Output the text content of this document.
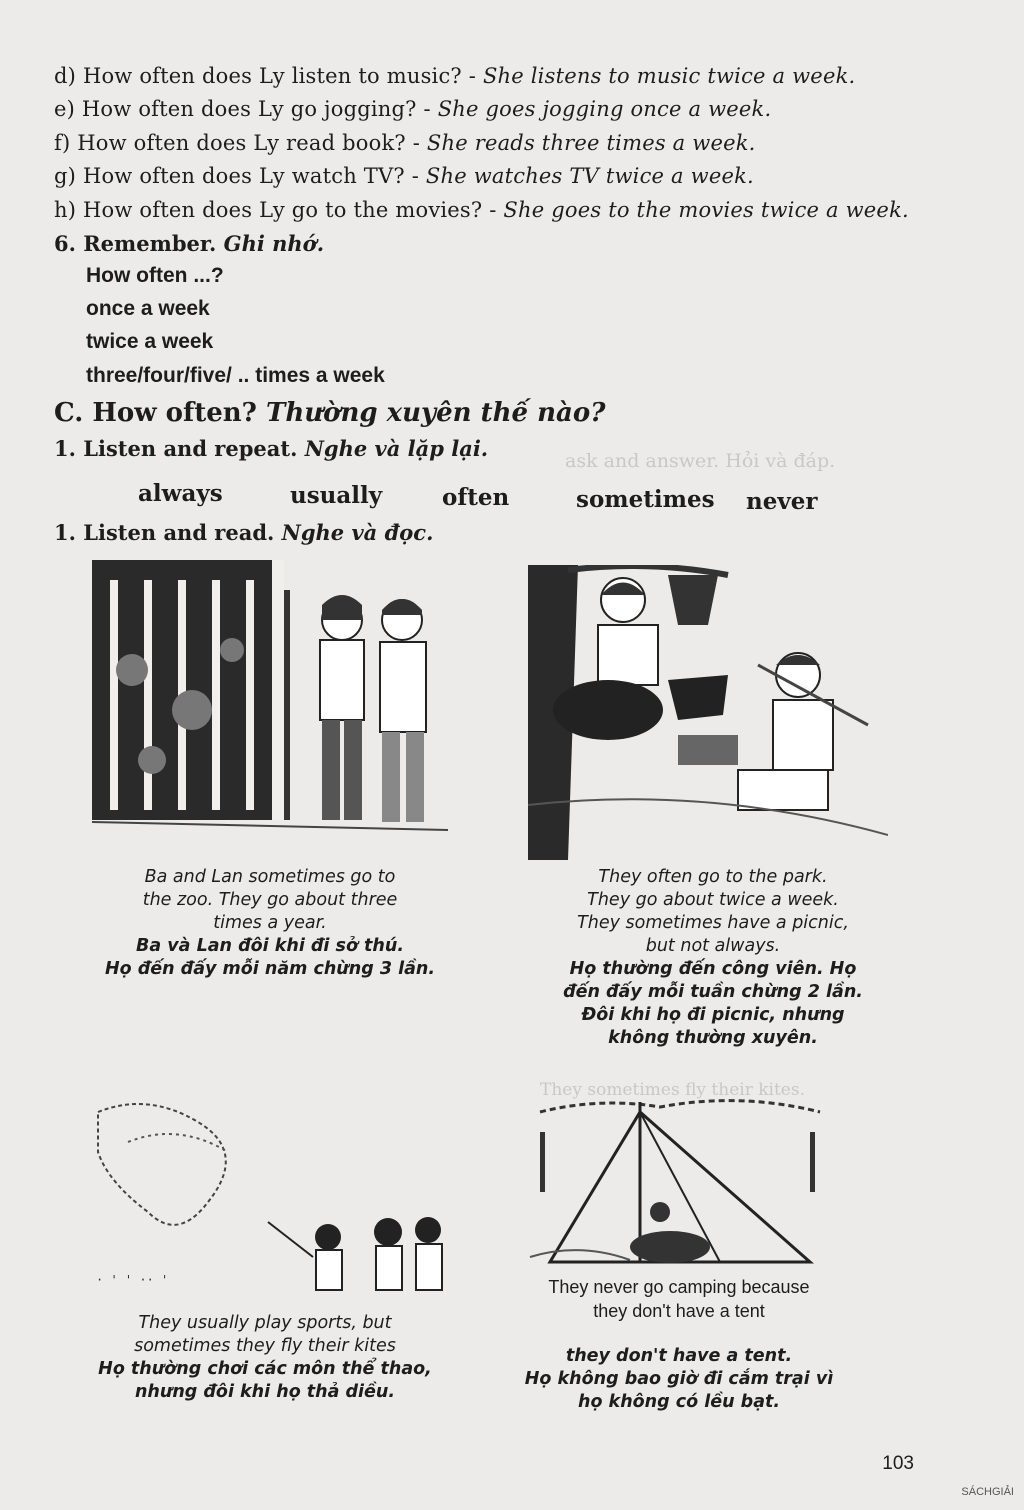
ask and answer. Hỏi và đáp.
They sometimes fly their kites.
d) How often does Ly listen to music? - She listens to music twice a week.
e) How often does Ly go jogging? - She goes jogging once a week.
f) How often does Ly read book? - She reads three times a week.
g) How often does Ly watch TV? - She watches TV twice a week.
h) How often does Ly go to the movies? - She goes to the movies twice a week.
6. Remember. Ghi nhớ.
How often ...?
once a week
twice a week
three/four/five/ .. times a week
C. How often? Thường xuyên thế nào?
1. Listen and repeat. Nghe và lặp lại.
always	usually	often	sometimes never
1. Listen and read. Nghe và đọc.
Ba and Lan sometimes go to
the zoo. They go about three
times a year.
Ba và Lan đôi khi đi sở thú.
Họ đến đấy mỗi năm chừng 3 lần.
They often go to the park.
They go about twice a week.
They sometimes have a picnic,
but not always.
Họ thường đến công viên. Họ
đến đấy mỗi tuần chừng 2 lần.
Đôi khi họ đi picnic, nhưng
không thường xuyên.
· ' ' ·· '
They usually play sports, but
sometimes they fly their kites
Họ thường chơi các môn thể thao,
nhưng đôi khi họ thả diều.
They never go camping because
they don't have a tent
they don't have a tent.
Họ không bao giờ đi cắm trại vì
họ không có lều bạt.
103
SÁCHGIẢI
